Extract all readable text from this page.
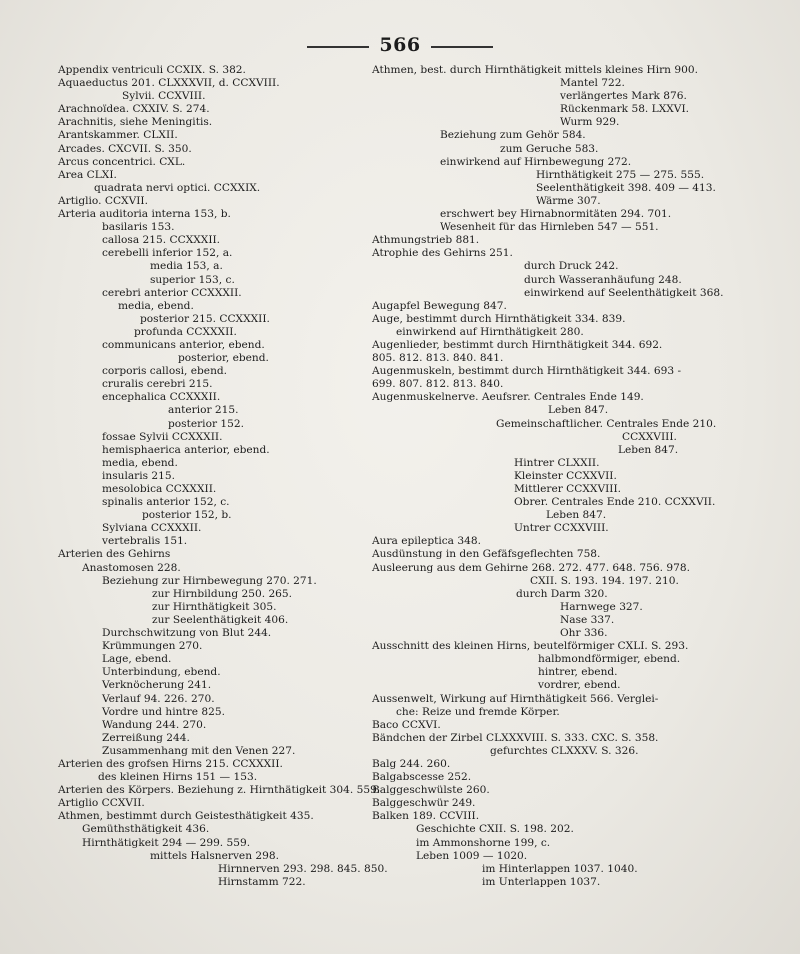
566
Appendix ventriculi CCXIX. S. 382.
Aquaeductus 201. CLXXXVII, d. CCXVIII.
Sylvii. CCXVIII.
Arachnoïdea. CXXIV. S. 274.
Arachnitis, siehe Meningitis.
Arantskammer. CLXII.
Arcades. CXCVII. S. 350.
Arcus concentrici. CXL.
Area CLXI.
quadrata nervi optici. CCXXIX.
Artiglio. CCXVII.
Arteria auditoria interna 153, b.
basilaris 153.
callosa 215. CCXXXII.
cerebelli inferior 152, a.
media 153, a.
superior 153, c.
cerebri anterior CCXXXII.
media, ebend.
posterior 215. CCXXXII.
profunda CCXXXII.
communicans anterior, ebend.
posterior, ebend.
corporis callosi, ebend.
cruralis cerebri 215.
encephalica CCXXXII.
anterior 215.
posterior 152.
fossae Sylvii CCXXXII.
hemisphaerica anterior, ebend.
media, ebend.
insularis 215.
mesolobica CCXXXII.
spinalis anterior 152, c.
posterior 152, b.
Sylviana CCXXXII.
vertebralis 151.
Arterien des Gehirns
Anastomosen 228.
Beziehung zur Hirnbewegung 270. 271.
zur Hirnbildung 250. 265.
zur Hirnthätigkeit 305.
zur Seelenthätigkeit 406.
Durchschwitzung von Blut 244.
Krümmungen 270.
Lage, ebend.
Unterbindung, ebend.
Verknöcherung 241.
Verlauf 94. 226. 270.
Vordre und hintre 825.
Wandung 244. 270.
Zerreißung 244.
Zusammenhang mit den Venen 227.
Arterien des grofsen Hirns 215. CCXXXII.
des kleinen Hirns 151 — 153.
Arterien des Körpers. Beziehung z. Hirnthätigkeit 304. 559.
Artiglio CCXVII.
Athmen, bestimmt durch Geistesthätigkeit 435.
Gemüthsthätigkeit 436.
Hirnthätigkeit 294 — 299. 559.
mittels Halsnerven 298.
Hirnnerven 293. 298. 845. 850.
Hirnstamm 722.
Athmen, best. durch Hirnthätigkeit mittels kleines Hirn 900.
Mantel 722.
verlängertes Mark 876.
Rückenmark 58. LXXVI.
Wurm 929.
Beziehung zum Gehör 584.
zum Geruche 583.
einwirkend auf Hirnbewegung 272.
Hirnthätigkeit 275 — 275. 555.
Seelenthätigkeit 398. 409 — 413.
Wärme 307.
erschwert bey Hirnabnormitäten 294. 701.
Wesenheit für das Hirnleben 547 — 551.
Athmungstrieb 881.
Atrophie des Gehirns 251.
durch Druck 242.
durch Wasseranhäufung 248.
einwirkend auf Seelenthätigkeit 368.
Augapfel Bewegung 847.
Auge, bestimmt durch Hirnthätigkeit 334. 839.
einwirkend auf Hirnthätigkeit 280.
Augenlieder, bestimmt durch Hirnthätigkeit 344. 692.
805. 812. 813. 840. 841.
Augenmuskeln, bestimmt durch Hirnthätigkeit 344. 693 -
699. 807. 812. 813. 840.
Augenmuskelnerve. Aeufsrer. Centrales Ende 149.
Leben 847.
Gemeinschaftlicher. Centrales Ende 210.
CCXXVIII.
Leben 847.
Hintrer CLXXII.
Kleinster CCXXVII.
Mittlerer CCXXVIII.
Obrer. Centrales Ende 210. CCXXVII.
Leben 847.
Untrer CCXXVIII.
Aura epileptica 348.
Ausdünstung in den Gefäfsgeflechten 758.
Ausleerung aus dem Gehirne 268. 272. 477. 648. 756. 978.
CXII. S. 193. 194. 197. 210.
durch Darm 320.
Harnwege 327.
Nase 337.
Ohr 336.
Ausschnitt des kleinen Hirns, beutelförmiger CXLI. S. 293.
halbmondförmiger, ebend.
hintrer, ebend.
vordrer, ebend.
Aussenwelt, Wirkung auf Hirnthätigkeit 566. Verglei-
che: Reize und fremde Körper.
Baco CCXVI.
Bändchen der Zirbel CLXXXVIII. S. 333. CXC. S. 358.
gefurchtes CLXXXV. S. 326.
Balg 244. 260.
Balgabscesse 252.
Balggeschwülste 260.
Balggeschwür 249.
Balken 189. CCVIII.
Geschichte CXII. S. 198. 202.
im Ammonshorne 199, c.
Leben 1009 — 1020.
im Hinterlappen 1037. 1040.
im Unterlappen 1037.
